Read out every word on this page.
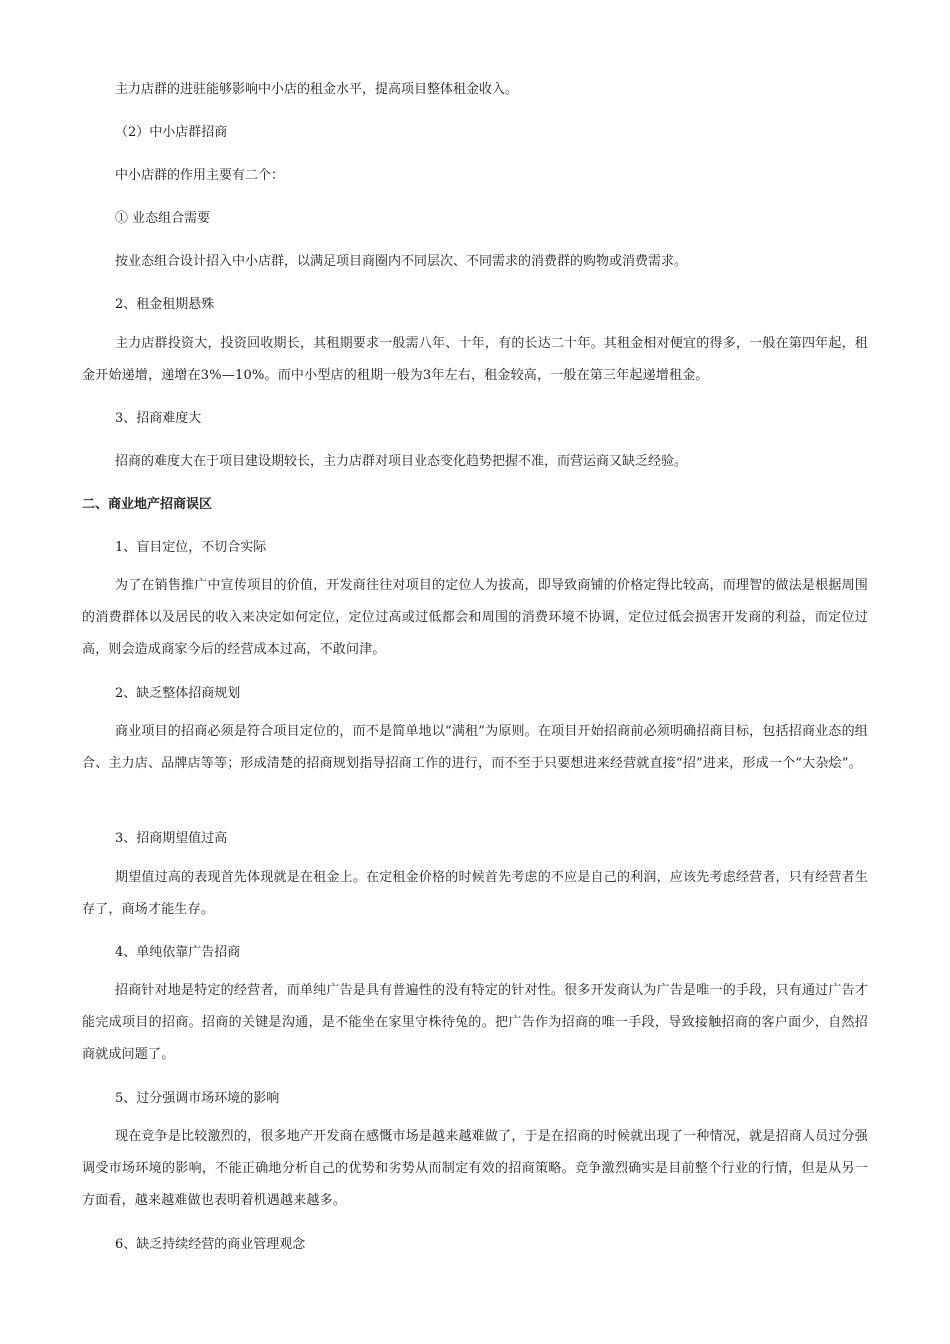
主力店群的进驻能够影响中小店的租金水平，提高项目整体租金收入。
（2）中小店群招商
中小店群的作用主要有二个：
① 业态组合需要
按业态组合设计招入中小店群，以满足项目商圈内不同层次、不同需求的消费群的购物或消费需求。
2、租金租期悬殊
主力店群投资大，投资回收期长，其租期要求一般需八年、十年，有的长达二十年。其租金相对便宜的得多，一般在第四年起，租金开始递增，递增在3%—10%。而中小型店的租期一般为3年左右，租金较高，一般在第三年起递增租金。
3、招商难度大
招商的难度大在于项目建设期较长，主力店群对项目业态变化趋势把握不准，而营运商又缺乏经验。
二、商业地产招商误区
1、盲目定位，不切合实际
为了在销售推广中宣传项目的价值，开发商往往对项目的定位人为拔高，即导致商铺的价格定得比较高，而理智的做法是根据周围的消费群体以及居民的收入来决定如何定位，定位过高或过低都会和周围的消费环境不协调，定位过低会损害开发商的利益，而定位过高，则会造成商家今后的经营成本过高，不敢问津。
2、缺乏整体招商规划
商业项目的招商必须是符合项目定位的，而不是简单地以“满租”为原则。在项目开始招商前必须明确招商目标，包括招商业态的组合、主力店、品牌店等等；形成清楚的招商规划指导招商工作的进行，而不至于只要想进来经营就直接“招”进来，形成一个“大杂烩”。
3、招商期望值过高
期望值过高的表现首先体现就是在租金上。在定租金价格的时候首先考虑的不应是自己的利润，应该先考虑经营者，只有经营者生存了，商场才能生存。
4、单纯依靠广告招商
招商针对地是特定的经营者，而单纯广告是具有普遍性的没有特定的针对性。很多开发商认为广告是唯一的手段，只有通过广告才能完成项目的招商。招商的关键是沟通，是不能坐在家里守株待兔的。把广告作为招商的唯一手段，导致接触招商的客户面少，自然招商就成问题了。
5、过分强调市场环境的影响
现在竞争是比较激烈的，很多地产开发商在感慨市场是越来越难做了，于是在招商的时候就出现了一种情况，就是招商人员过分强调受市场环境的影响，不能正确地分析自己的优势和劣势从而制定有效的招商策略。竞争激烈确实是目前整个行业的行情，但是从另一方面看，越来越难做也表明着机遇越来越多。
6、缺乏持续经营的商业管理观念
